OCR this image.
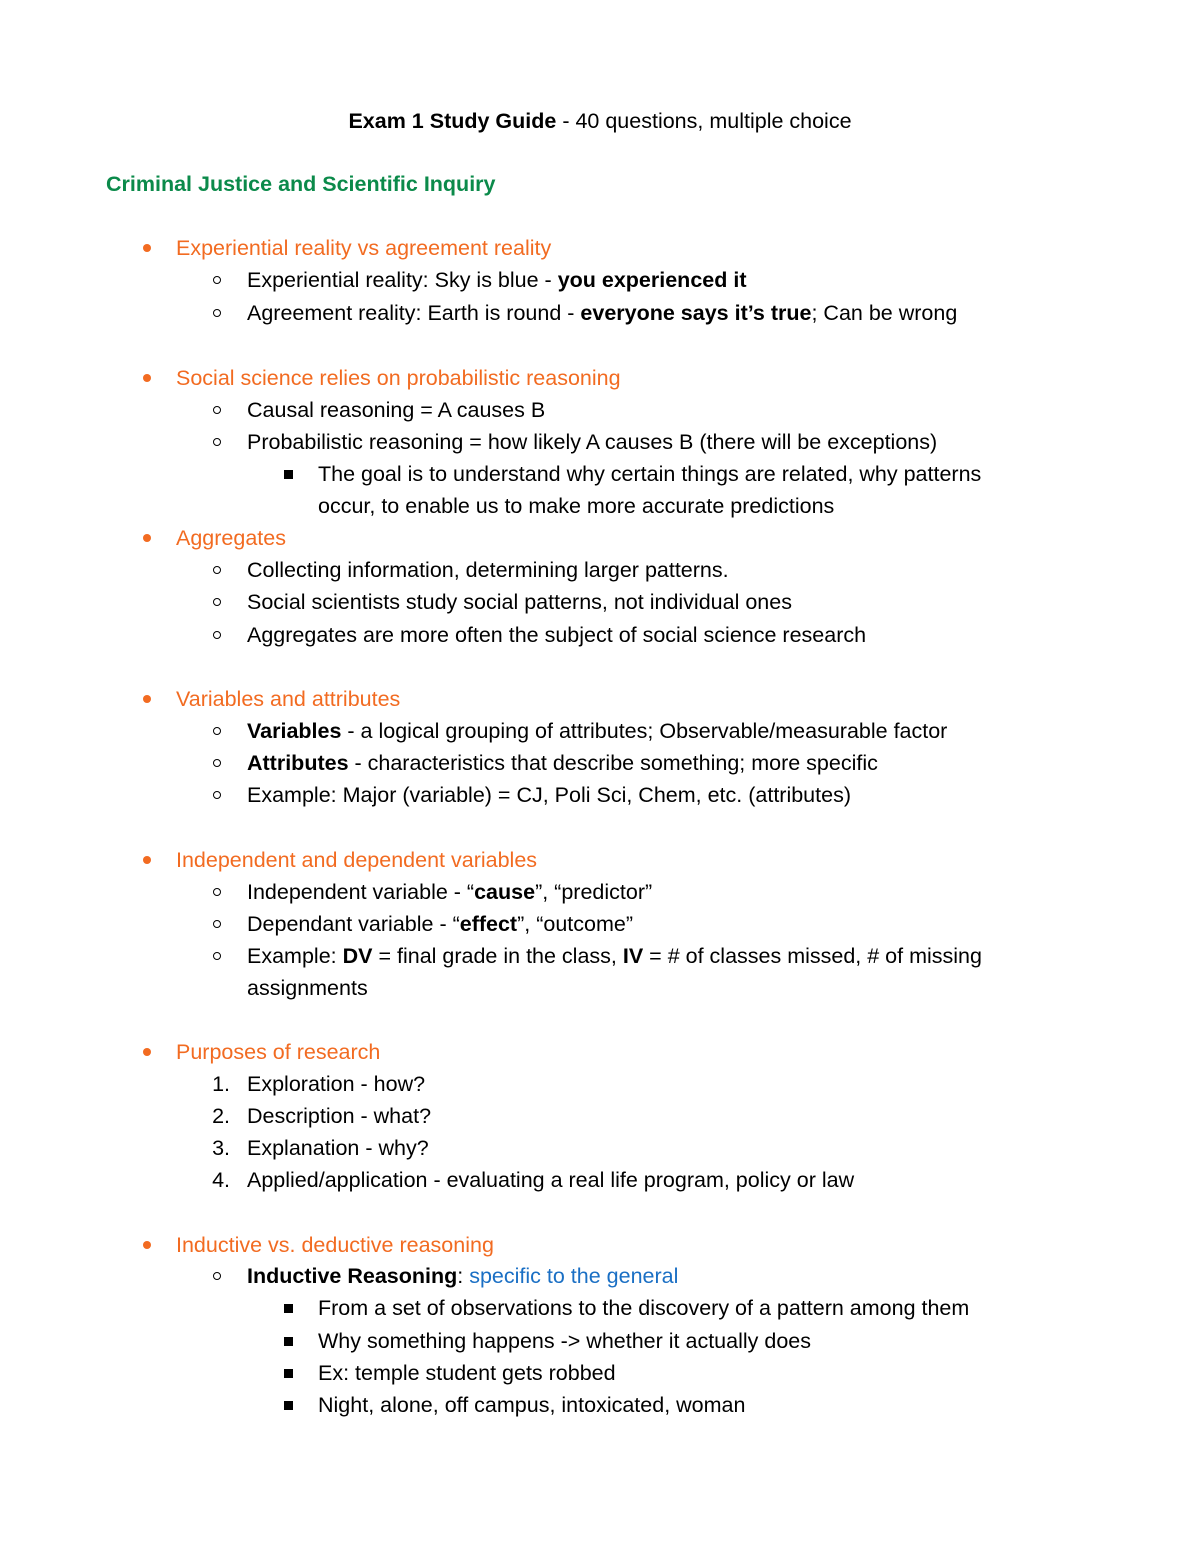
Exam 1 Study Guide - 40 questions, multiple choice
Criminal Justice and Scientific Inquiry
Experiential reality vs agreement reality
Experiential reality: Sky is blue - you experienced it
Agreement reality: Earth is round - everyone says it’s true; Can be wrong
Social science relies on probabilistic reasoning
Causal reasoning = A causes B
Probabilistic reasoning = how likely A causes B (there will be exceptions)
The goal is to understand why certain things are related, why patterns
occur, to enable us to make more accurate predictions
Aggregates
Collecting information, determining larger patterns.
Social scientists study social patterns, not individual ones
Aggregates are more often the subject of social science research
Variables and attributes
Variables - a logical grouping of attributes; Observable/measurable factor
Attributes - characteristics that describe something; more specific
Example: Major (variable) = CJ, Poli Sci, Chem, etc. (attributes)
Independent and dependent variables
Independent variable - “cause”, “predictor”
Dependant variable - “effect”, “outcome”
Example: DV = final grade in the class, IV = # of classes missed, # of missing
assignments
Purposes of research
1. Exploration - how?
2. Description - what?
3. Explanation - why?
4. Applied/application - evaluating a real life program, policy or law
Inductive vs. deductive reasoning
Inductive Reasoning: specific to the general
From a set of observations to the discovery of a pattern among them
Why something happens -> whether it actually does
Ex: temple student gets robbed
Night, alone, off campus, intoxicated, woman
